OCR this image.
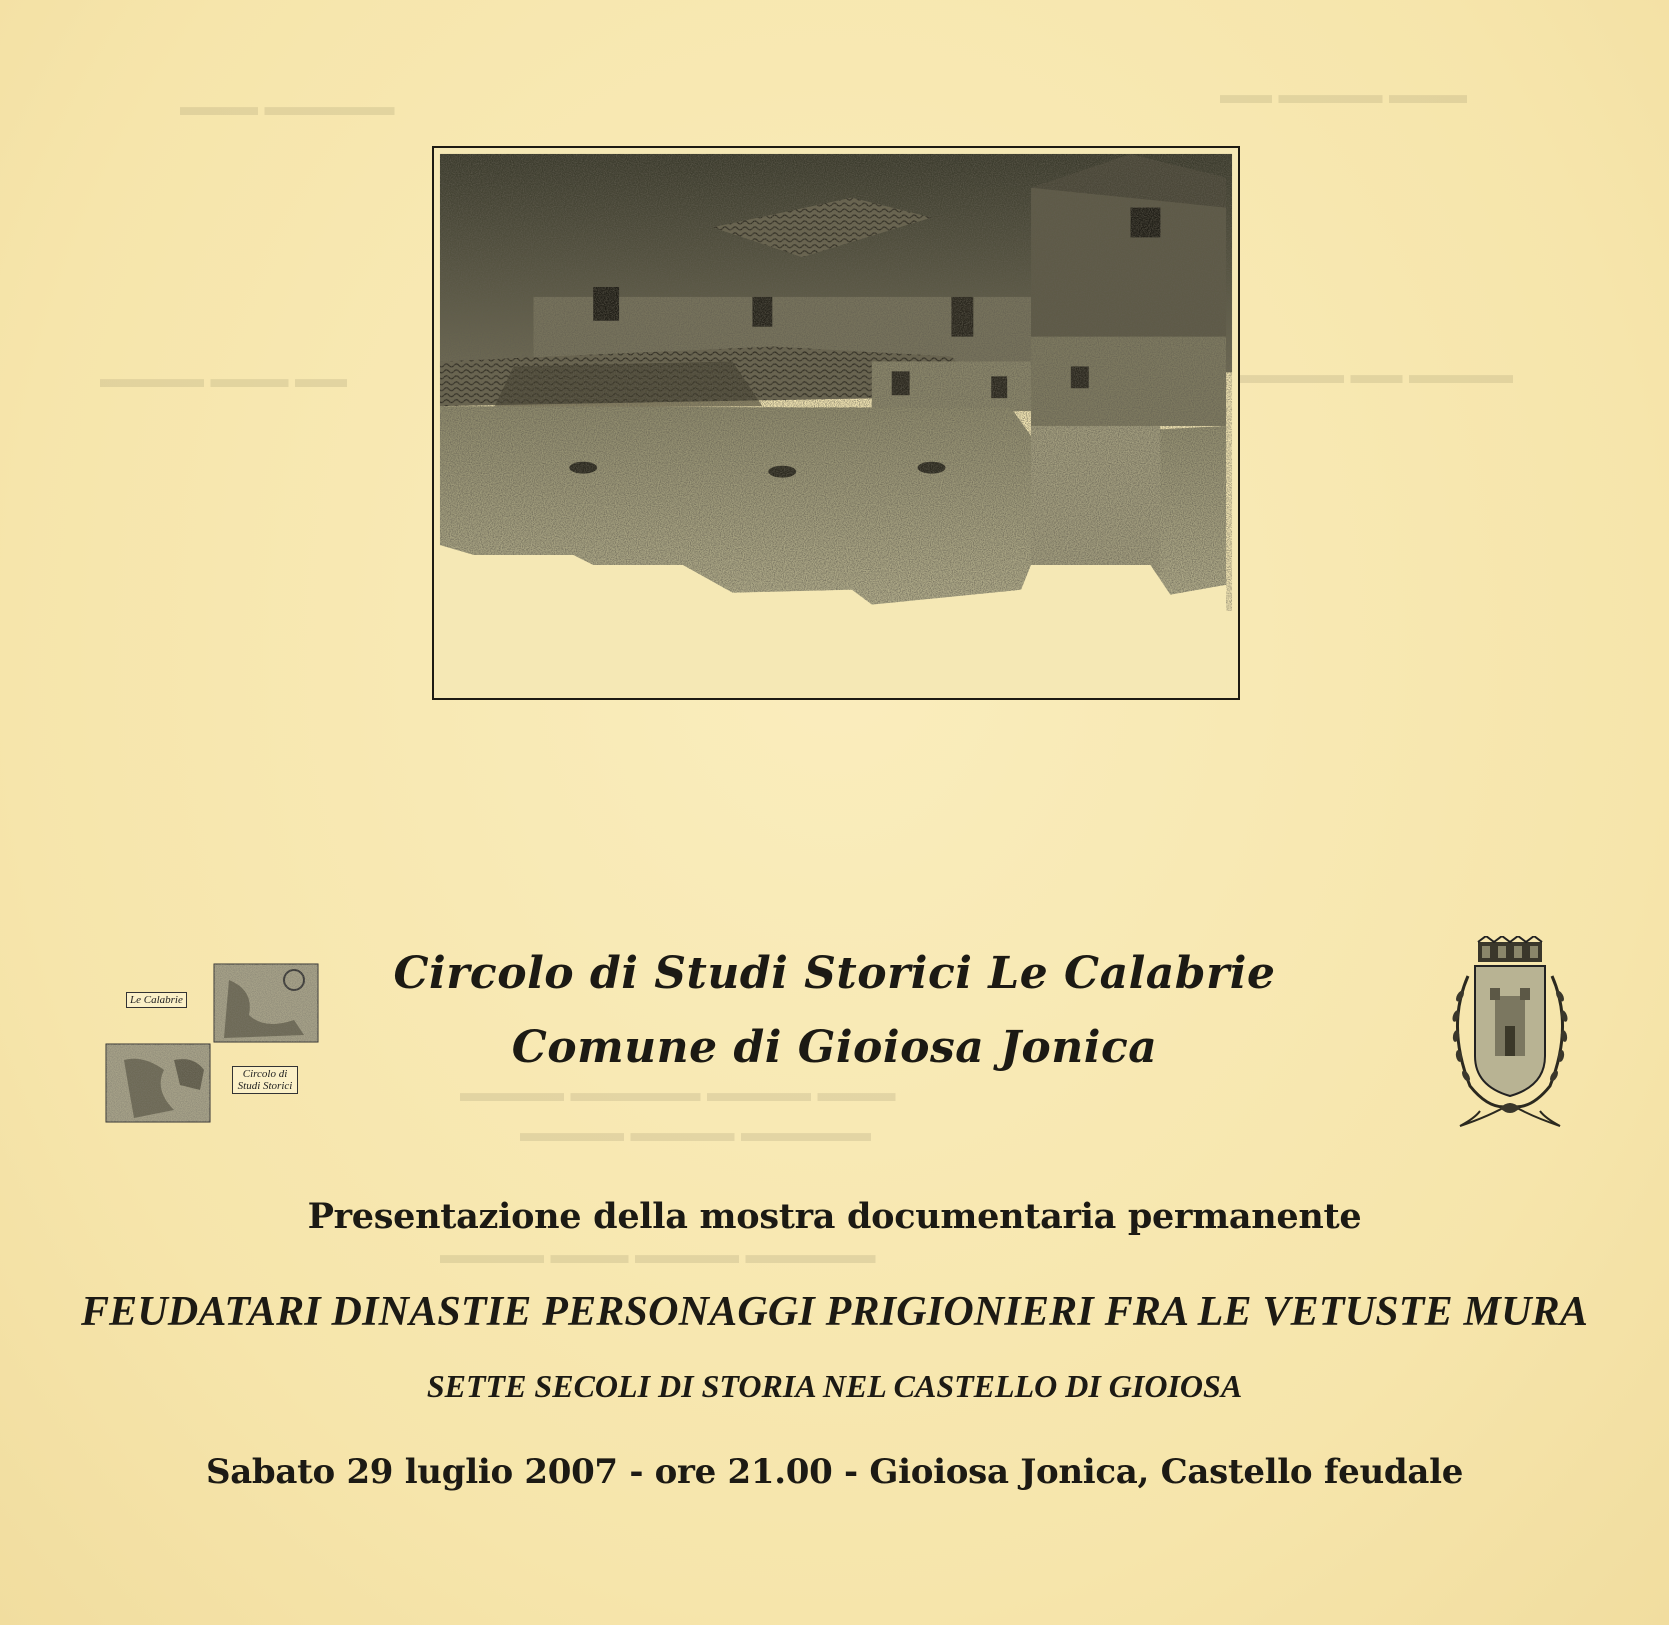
▬▬▬ ▬▬▬▬▬	▬▬ ▬▬▬▬ ▬▬▬
▬▬▬▬ ▬▬▬ ▬▬	▬▬▬▬ ▬▬ ▬▬▬▬
▬▬▬▬ ▬▬▬▬▬ ▬▬▬▬ ▬▬▬
▬▬▬▬ ▬▬▬▬ ▬▬▬▬▬
▬▬▬▬ ▬▬▬ ▬▬▬▬ ▬▬▬▬▬
Le Calabrie
Circolo di Studi Storici
Circolo di Studi Storici Le Calabrie
Comune di Gioiosa Jonica
Presentazione della mostra documentaria permanente
FEUDATARI DINASTIE PERSONAGGI PRIGIONIERI FRA LE VETUSTE MURA
SETTE SECOLI DI STORIA NEL CASTELLO DI GIOIOSA
Sabato 29 luglio 2007 - ore 21.00 - Gioiosa Jonica, Castello feudale
